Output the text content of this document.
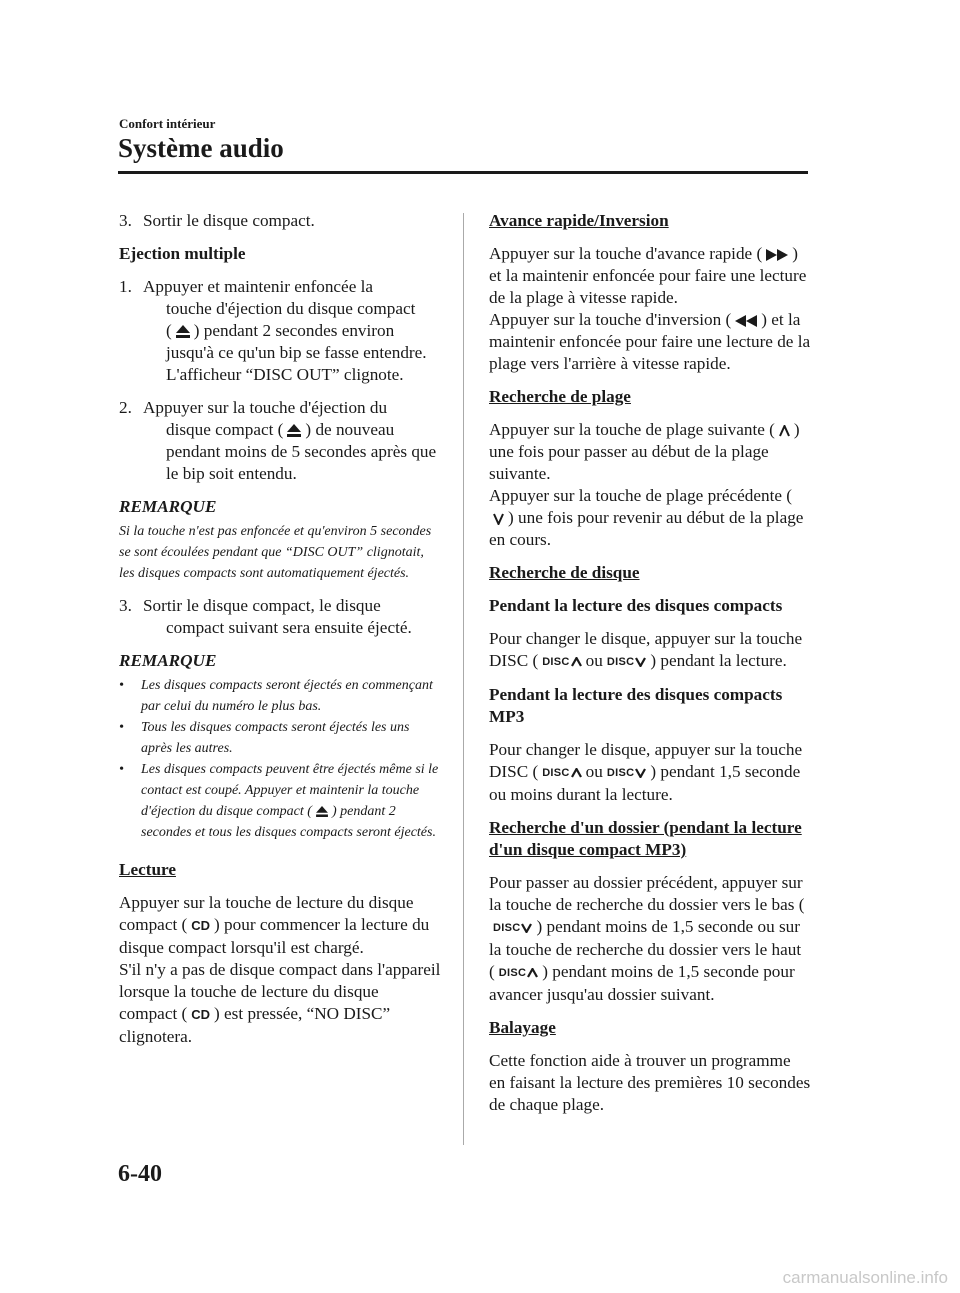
Confort intérieur
Système audio
3. Sortir le disque compact.
Ejection multiple
1. Appuyer et maintenir enfoncée la
touche d'éjection du disque compact
( ) pendant 2 secondes environ
jusqu'à ce qu'un bip se fasse entendre.
L'afficheur “DISC OUT” clignote.
2. Appuyer sur la touche d'éjection du
disque compact ( ) de nouveau
pendant moins de 5 secondes après que
le bip soit entendu.
REMARQUE
Si la touche n'est pas enfoncée et qu'environ 5 secondes se sont écoulées pendant que “DISC OUT” clignotait, les disques compacts sont automatiquement éjectés.
3. Sortir le disque compact, le disque
compact suivant sera ensuite éjecté.
REMARQUE
•	Les disques compacts seront éjectés en commençant par celui du numéro le plus bas.
•	Tous les disques compacts seront éjectés les uns après les autres.
•	Les disques compacts peuvent être éjectés même si le contact est coupé. Appuyer et maintenir la touche d'éjection du disque compact ( ) pendant 2 secondes et tous les disques compacts seront éjectés.
Lecture

Appuyer sur la touche de lecture du disque compact ( CD ) pour commencer la lecture du disque compact lorsqu'il est chargé.

S'il n'y a pas de disque compact dans l'appareil lorsque la touche de lecture du disque compact ( CD ) est pressée, “NO DISC” clignotera.

Avance rapide/Inversion

Appuyer sur la touche d'avance rapide ( ) et la maintenir enfoncée pour faire une lecture de la plage à vitesse rapide.

Appuyer sur la touche d'inversion ( ) et la maintenir enfoncée pour faire une lecture de la plage vers l'arrière à vitesse rapide.

Recherche de plage

Appuyer sur la touche de plage suivante ( ) une fois pour passer au début de la plage suivante.

Appuyer sur la touche de plage précédente (
) une fois pour revenir au début de la plage en cours.

Recherche de disque
Pendant la lecture des disques compacts

Pour changer le disque, appuyer sur la touche DISC ( DISC ou DISC ) pendant la lecture.

Pendant la lecture des disques compacts MP3

Pour changer le disque, appuyer sur la touche DISC ( DISC ou DISC ) pendant 1,5 seconde ou moins durant la lecture.

Recherche d'un dossier (pendant la lecture d'un disque compact MP3)

Pour passer au dossier précédent, appuyer sur la touche de recherche du dossier vers le bas (
DISC ) pendant moins de 1,5 seconde ou sur la touche de recherche du dossier vers le haut ( DISC ) pendant moins de 1,5 seconde pour avancer jusqu'au dossier suivant.

Balayage

Cette fonction aide à trouver un programme en faisant la lecture des premières 10 secondes de chaque plage.

6-40
carmanualsonline.info
